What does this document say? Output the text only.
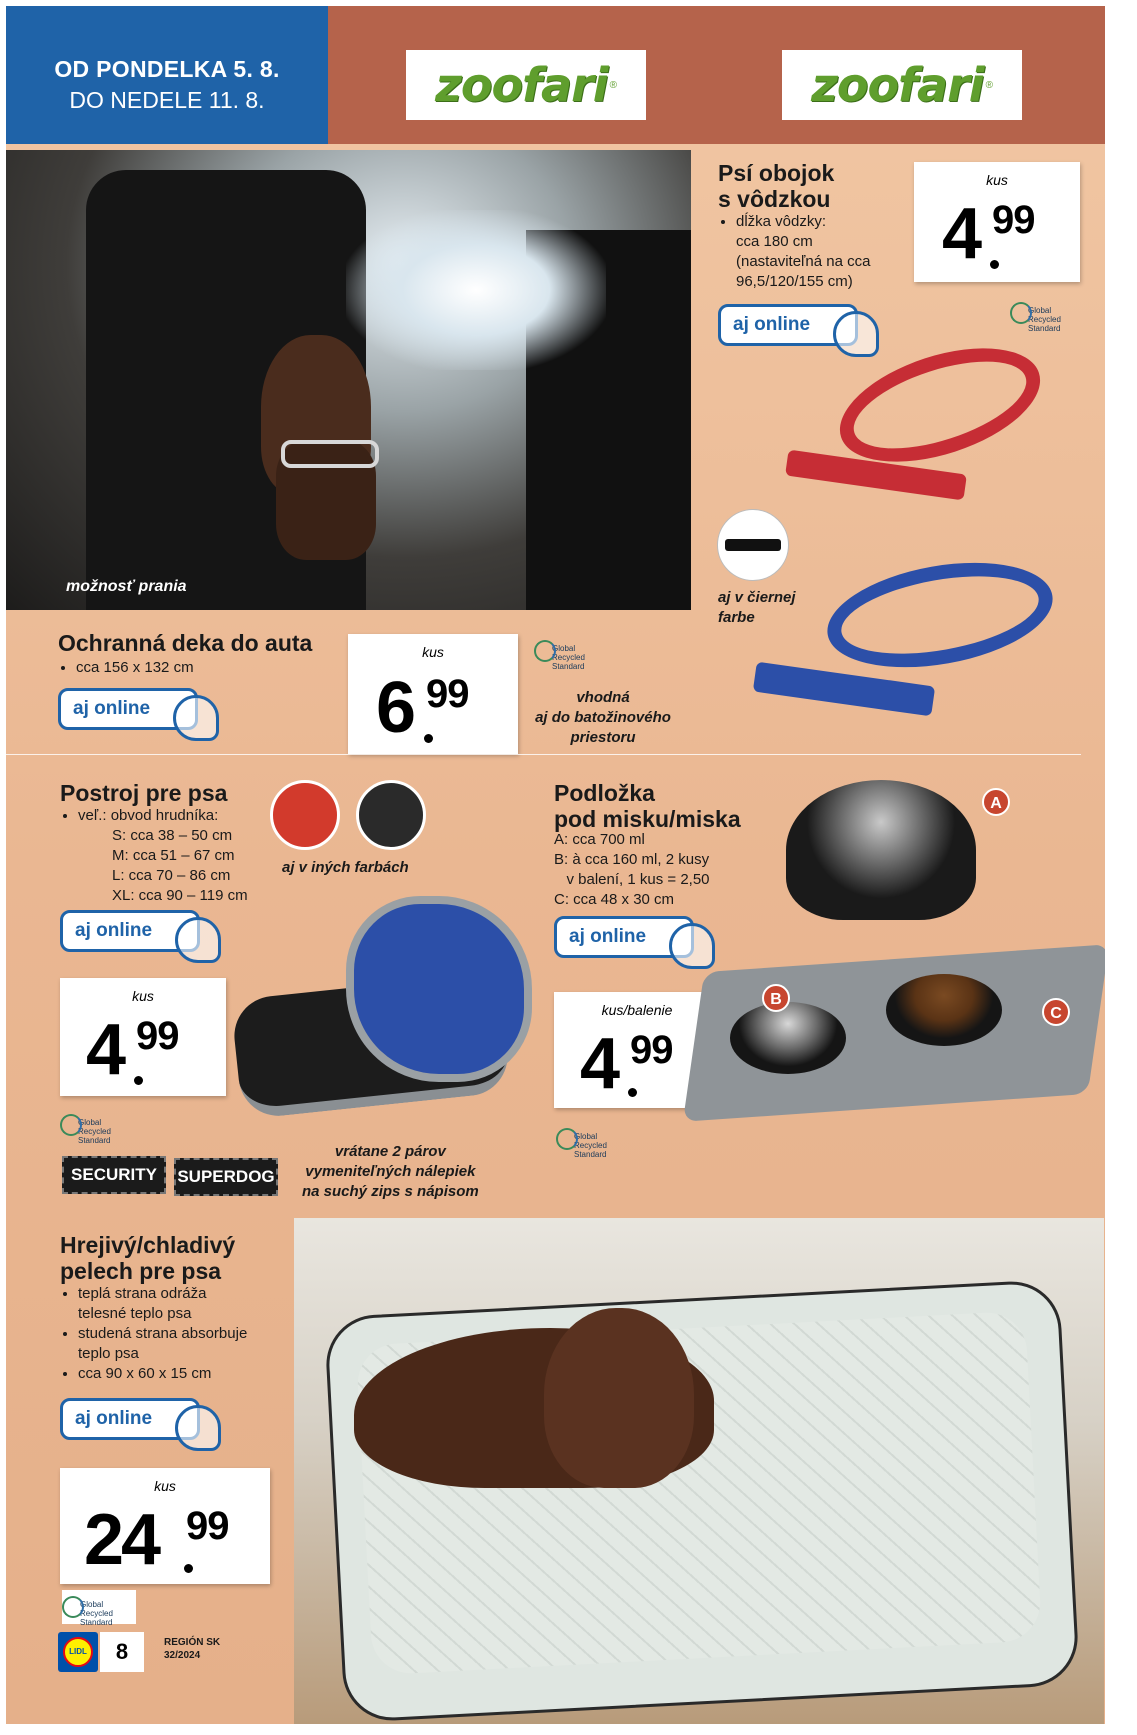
OD PONDELKA 5. 8.
DO NEDELE 11. 8.	zoofari ®	zoofari ®
možnosť prania
Ochranná deka do auta
• cca 156 x 132 cm
aj online
kus
6 99
Global Recycled
Standard
vhodná
aj do batožinového
priestoru
Psí obojok
s vôdzkou
• dĺžka vôdzky:
cca 180 cm
(nastaviteľná na cca
96,5/120/155 cm)
kus
4 99
Global Recycled
Standard
aj online
aj v čiernej
farbe
Postroj pre psa
• veľ.: obvod hrudníka:
S: cca 38 – 50 cm
M: cca 51 – 67 cm
L: cca 70 – 86 cm
XL: cca 90 – 119 cm
aj v iných farbách
aj online
kus
4 99
Global Recycled
Standard
SECURITY	SUPERDOG
vrátane 2 párov
vymeniteľných nálepiek
na suchý zips s nápisom
Podložka
pod misku/miska
A: cca 700 ml
B: à cca 160 ml, 2 kusy
v balení, 1 kus = 2,50
C: cca 48 x 30 cm
aj online
A
kus/balenie
4 99
B
C
Global Recycled
Standard
Hrejivý/chladivý
pelech pre psa
• teplá strana odráža
telesné teplo psa
• studená strana absorbuje
teplo psa
• cca 90 x 60 x 15 cm
aj online
kus
24 99
Global Recycled
Standard
LIDL	8	REGIÓN SK
32/2024
